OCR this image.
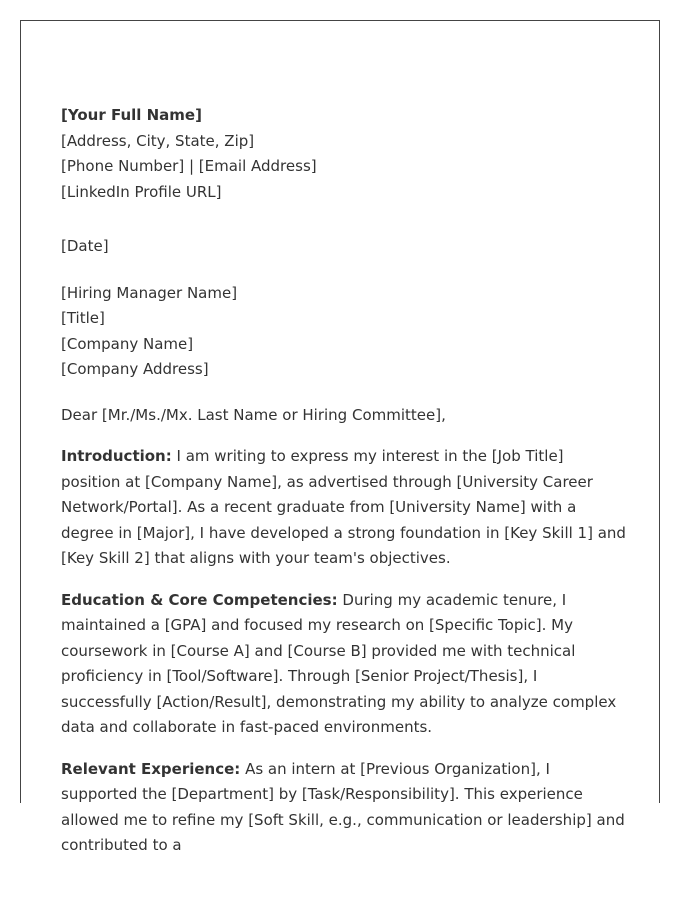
[Your Full Name]
[Address, City, State, Zip]
[Phone Number] | [Email Address]
[LinkedIn Profile URL]
[Date]
[Hiring Manager Name]
[Title]
[Company Name]
[Company Address]
Dear [Mr./Ms./Mx. Last Name or Hiring Committee],

Introduction: I am writing to express my interest in the [Job Title] position at [Company Name], as advertised through [University Career Network/Portal]. As a recent graduate from [University Name] with a degree in [Major], I have developed a strong foundation in [Key Skill 1] and [Key Skill 2] that aligns with your team's objectives.

Education & Core Competencies: During my academic tenure, I maintained a [GPA] and focused my research on [Specific Topic]. My coursework in [Course A] and [Course B] provided me with technical proficiency in [Tool/Software]. Through [Senior Project/Thesis], I successfully [Action/Result], demonstrating my ability to analyze complex data and collaborate in fast-paced environments.

Relevant Experience: As an intern at [Previous Organization], I supported the [Department] by [Task/Responsibility]. This experience allowed me to refine my [Soft Skill, e.g., communication or leadership] and contributed to a
